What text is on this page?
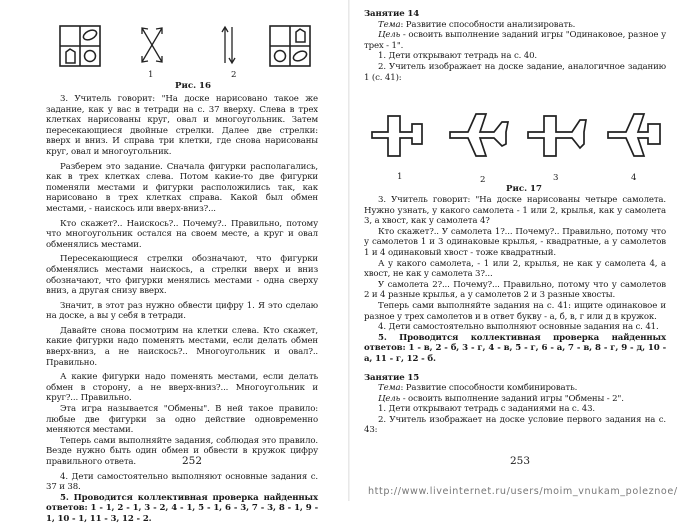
1	2
Рис. 16

3. Учитель говорит: "На доске нарисовано такое же задание, как у вас в тетради на с. 37 вверху. Слева в трех клетках нарисованы круг, овал и многоугольник. Затем пересекающиеся двойные стрелки. Далее две стрелки: вверх и вниз. И справа три клетки, где снова нарисованы круг, овал и многоугольник.

Разберем это задание. Сначала фигурки располагались, как в трех клетках слева. Потом какие-то две фигурки поменяли местами и фигурки расположились так, как нарисовано в трех клетках справа. Какой был обмен местами, - наискось или вверх-вниз?...

Кто скажет?.. Наискось?.. Почему?.. Правильно, потому что многоугольник остался на своем месте, а круг и овал обменялись местами.

Пересекающиеся стрелки обозначают, что фигурки обменялись местами наискось, а стрелки вверх и вниз обозначают, что фигурки менялись местами - одна сверху вниз, а другая снизу вверх.

Значит, в этот раз нужно обвести цифру 1. Я это сделаю на доске, а вы у себя в тетради.

Давайте снова посмотрим на клетки слева. Кто скажет, какие фигурки надо поменять местами, если делать обмен вверх-вниз, а не наискось?.. Многоугольник и овал?.. Правильно.

А какие фигурки надо поменять местами, если делать обмен в сторону, а не вверх-вниз?... Многоугольник и круг?... Правильно.

Эта игра называется "Обмены". В ней такое правило: любые две фигурки за одно действие одновременно меняются местами.

Теперь сами выполняйте задания, соблюдая это правило. Везде нужно быть один обмен и обвести в кружок цифру правильного ответа.

4. Дети самостоятельно выполняют основные задания с. 37 и 38.

5. Проводится коллективная проверка найденных ответов: 1 - 1, 2 - 1, 3 - 2, 4 - 1, 5 - 1, 6 - 3, 7 - 3, 8 - 1, 9 - 1, 10 - 1, 11 - 3, 12 - 2.

252

Занятие 14

Тема: Развитие способности анализировать.

Цель - освоить выполнение заданий игры "Одинаковое, разное у трех - 1".

1. Дети открывают тетрадь на с. 40.

2. Учитель изображает на доске задание, аналогичное заданию 1 (с. 41):

1	2	3	4
Рис. 17

3. Учитель говорит: "На доске нарисованы четыре самолета. Нужно узнать, у какого самолета - 1 или 2, крылья, как у самолета 3, а хвост, как у самолета 4?

Кто скажет?.. У самолета 1?... Почему?.. Правильно, потому что у самолетов 1 и 3 одинаковые крылья, - квадратные, а у самолетов 1 и 4 одинаковый хвост - тоже квадратный.

А у какого самолета, - 1 или 2, крылья, не как у самолета 4, а хвост, не как у самолета 3?...

У самолета 2?... Почему?... Правильно, потому что у самолетов 2 и 4 разные крылья, а у самолетов 2 и 3 разные хвосты.

Теперь сами выполняйте задания на с. 41: ищите одинаковое и разное у трех самолетов и в ответ букву - а, б, в, г или д в кружок.

4. Дети самостоятельно выполняют основные задания на с. 41.

5. Проводится коллективная проверка найденных ответов: 1 - в, 2 - б, 3 - г, 4 - в, 5 - г, 6 - а, 7 - в, 8 - г, 9 - д, 10 - а, 11 - г, 12 - б.

Занятие 15

Тема: Развитие способности комбинировать.

Цель - освоить выполнение заданий игры "Обмены - 2".

1. Дети открывают тетрадь с заданиями на с. 43.

2. Учитель изображает на доске условие первого задания на с. 43:

253
http://www.liveinternet.ru/users/moim_vnukam_poleznoe/
